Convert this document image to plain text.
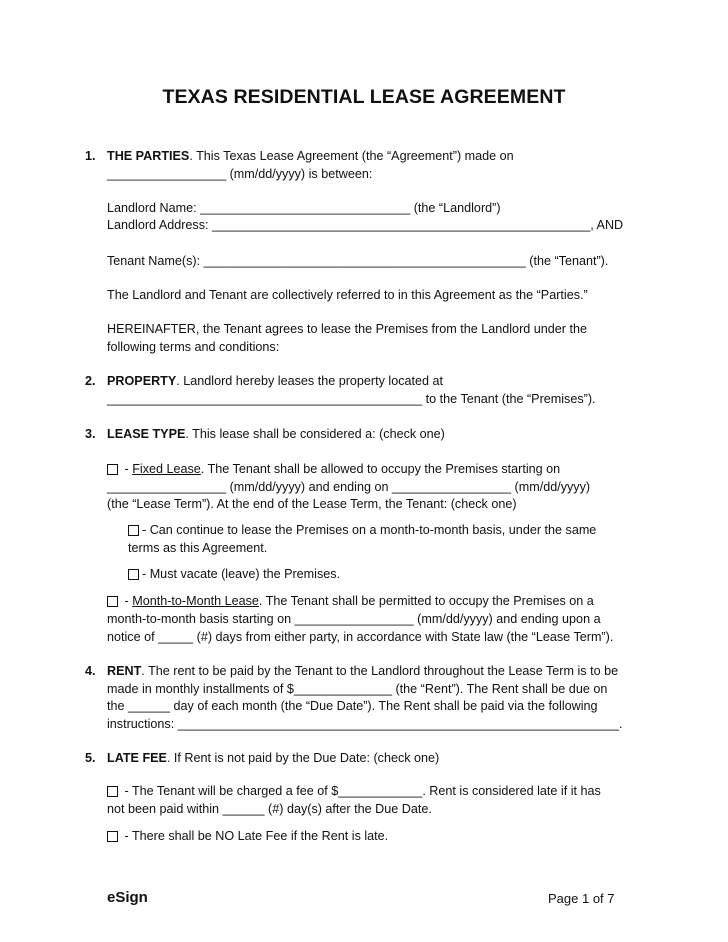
TEXAS RESIDENTIAL LEASE AGREEMENT
1. THE PARTIES. This Texas Lease Agreement (the “Agreement”) made on
_________________ (mm/dd/yyyy) is between:
Landlord Name: ______________________________ (the “Landlord”)
Landlord Address: ______________________________________________________, AND
Tenant Name(s): ______________________________________________ (the “Tenant”).
The Landlord and Tenant are collectively referred to in this Agreement as the “Parties.”
HEREINAFTER, the Tenant agrees to lease the Premises from the Landlord under the
following terms and conditions:
2. PROPERTY. Landlord hereby leases the property located at
_____________________________________________ to the Tenant (the “Premises”).
3. LEASE TYPE. This lease shall be considered a: (check one)
- Fixed Lease. The Tenant shall be allowed to occupy the Premises starting on
_________________ (mm/dd/yyyy) and ending on _________________ (mm/dd/yyyy)
(the “Lease Term”). At the end of the Lease Term, the Tenant: (check one)
- Can continue to lease the Premises on a month-to-month basis, under the same
terms as this Agreement.
- Must vacate (leave) the Premises.
- Month-to-Month Lease. The Tenant shall be permitted to occupy the Premises on a
month-to-month basis starting on _________________ (mm/dd/yyyy) and ending upon a
notice of _____ (#) days from either party, in accordance with State law (the “Lease Term”).
4. RENT. The rent to be paid by the Tenant to the Landlord throughout the Lease Term is to be
made in monthly installments of $______________ (the “Rent”). The Rent shall be due on
the ______ day of each month (the “Due Date”). The Rent shall be paid via the following
instructions: _______________________________________________________________.
5. LATE FEE. If Rent is not paid by the Due Date: (check one)
- The Tenant will be charged a fee of $____________. Rent is considered late if it has
not been paid within ______ (#) day(s) after the Due Date.
- There shall be NO Late Fee if the Rent is late.
eSign	Page 1 of 7
